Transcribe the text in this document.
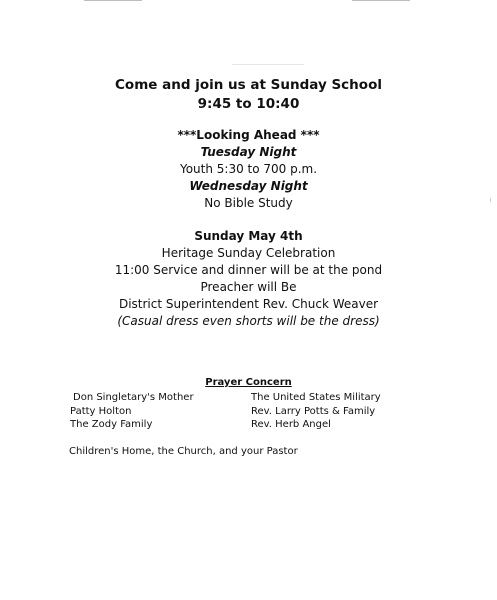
Come and join us at Sunday School
9:45 to 10:40
***Looking Ahead ***
Tuesday Night
Youth 5:30 to 700 p.m.
Wednesday Night
No Bible Study
Sunday May 4th
Heritage Sunday Celebration
11:00 Service and dinner will be at the pond
Preacher will Be
District Superintendent Rev. Chuck Weaver
(Casual dress even shorts will be the dress)
Prayer Concern
Don Singletary's Mother
Patty Holton
The Zody Family
The United States Military
Rev. Larry Potts & Family
Rev. Herb Angel
Children's Home, the Church, and your Pastor
